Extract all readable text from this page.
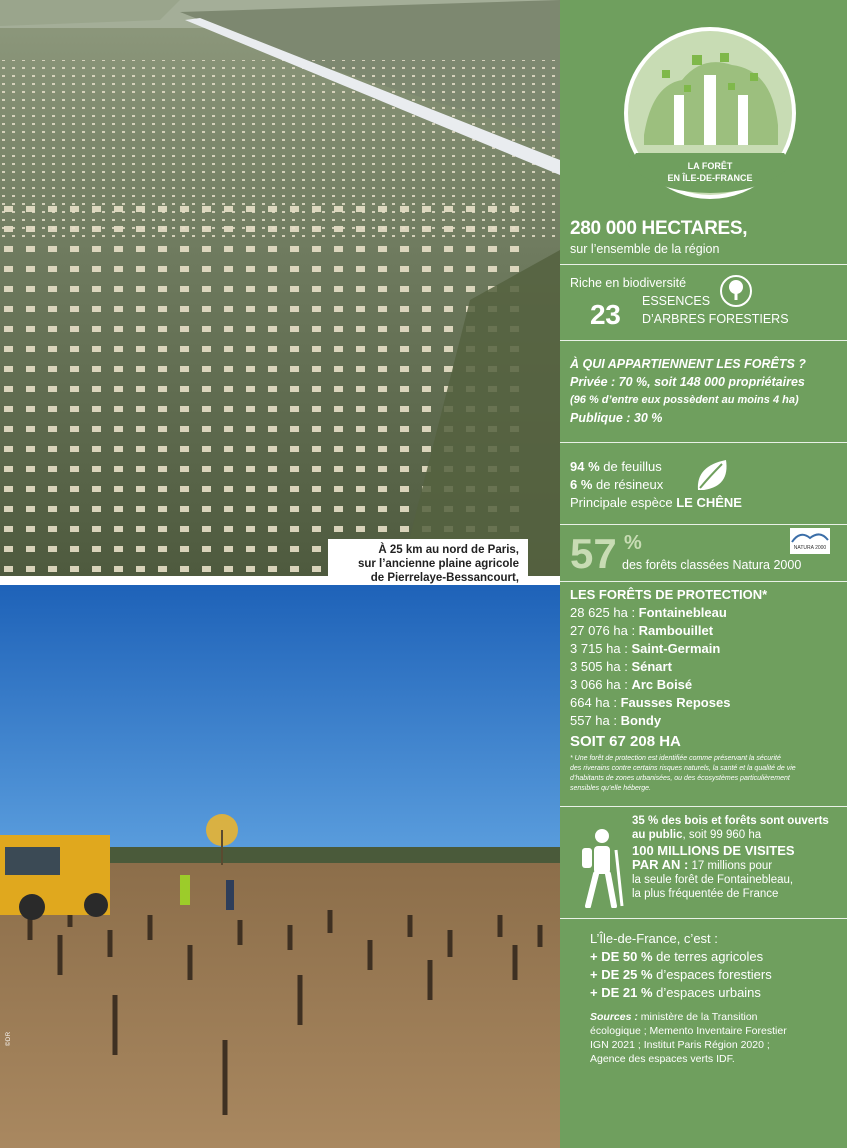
À 25 km au nord de Paris,
sur l’ancienne plaine agricole
de Pierrelaye-Bessancourt,
©DR
LA FORÊT
EN ÎLE-DE-FRANCE
280 000 HECTARES,
sur l’ensemble de la région
Riche en biodiversité
23 ESSENCES
D’ARBRES FORESTIERS
À QUI APPARTIENNENT LES FORÊTS ?
Privée : 70 %, soit 148 000 propriétaires
(96 % d’entre eux possèdent au moins 4 ha)
Publique : 30 %
94 % de feuillus
6 % de résineux
Principale espèce LE CHÊNE
57 %
des forêts classées Natura 2000
NATURA 2000
LES FORÊTS DE PROTECTION*
28 625 ha : Fontainebleau
27 076 ha : Rambouillet
3 715 ha : Saint-Germain
3 505 ha : Sénart
3 066 ha : Arc Boisé
664 ha : Fausses Reposes
557 ha : Bondy
SOIT 67 208 HA
* Une forêt de protection est identifiée comme préservant la sécurité
des riverains contre certains risques naturels, la santé et la qualité de vie
d’habitants de zones urbanisées, ou des écosystèmes particulièrement
sensibles qu’elle héberge.
35 % des bois et forêts sont ouverts
au public, soit 99 960 ha
100 MILLIONS DE VISITES
PAR AN : 17 millions pour
la seule forêt de Fontainebleau,
la plus fréquentée de France
L’Île-de-France, c’est :
+ DE 50 % de terres agricoles
+ DE 25 % d’espaces forestiers
+ DE 21 % d’espaces urbains
Sources : ministère de la Transition
écologique ; Memento Inventaire Forestier
IGN 2021 ; Institut Paris Région 2020 ;
Agence des espaces verts IDF.
